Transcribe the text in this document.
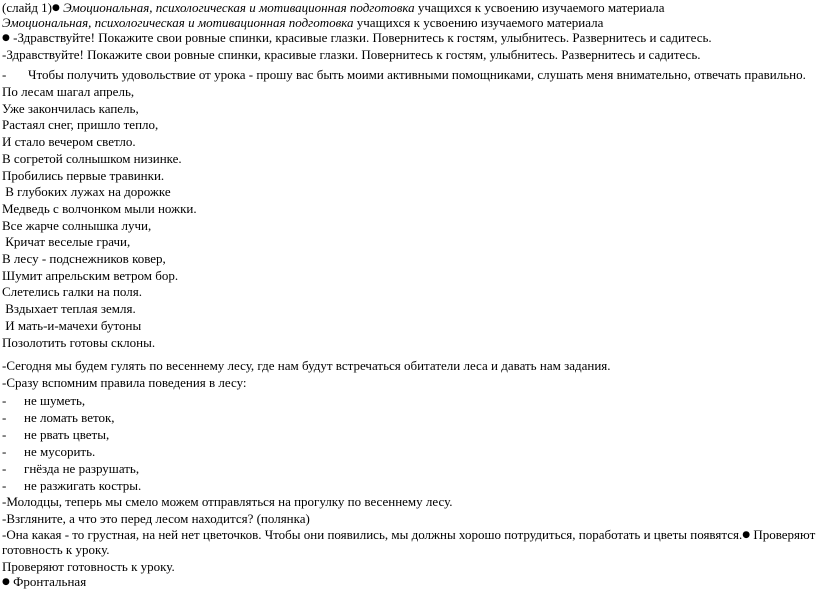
(слайд 1)● Эмоциональная, психологическая и мотивационная подготовка учащихся к усвоению изучаемого материала
Эмоциональная, психологическая и мотивационная подготовка учащихся к усвоению изучаемого материала
● -Здравствуйте! Покажите свои ровные спинки, красивые глазки. Повернитесь к гостям, улыбнитесь. Развернитесь и садитесь.
-Здравствуйте! Покажите свои ровные спинки, красивые глазки. Повернитесь к гостям, улыбнитесь. Развернитесь и садитесь.
- Чтобы получить удовольствие от урока - прошу вас быть моими активными помощниками, слушать меня внимательно, отвечать правильно.
По лесам шагал апрель,
Уже закончилась капель,
Растаял снег, пришло тепло,
И стало вечером светло.
В согретой солнышком низинке.
Пробились первые травинки.
В глубоких лужах на дорожке
Медведь с волчонком мыли ножки.
Все жарче солнышка лучи,
Кричат веселые грачи,
В лесу - подснежников ковер,
Шумит апрельским ветром бор.
Слетелись галки на поля.
Вздыхает теплая земля.
И мать-и-мачехи бутоны
Позолотить готовы склоны.
-Сегодня мы будем гулять по весеннему лесу, где нам будут встречаться обитатели леса и давать нам задания.
-Сразу вспомним правила поведения в лесу:
- не шуметь,
- не ломать веток,
- не рвать цветы,
- не мусорить.
- гнёзда не разрушать,
- не разжигать костры.
-Молодцы, теперь мы смело можем отправляться на прогулку по весеннему лесу.
-Взгляните, а что это перед лесом находится? (полянка)
-Она какая - то грустная, на ней нет цветочков. Чтобы они появились, мы должны хорошо потрудиться, поработать и цветы появятся.● Проверяют
готовность к уроку.
Проверяют готовность к уроку.
● Фронтальная
